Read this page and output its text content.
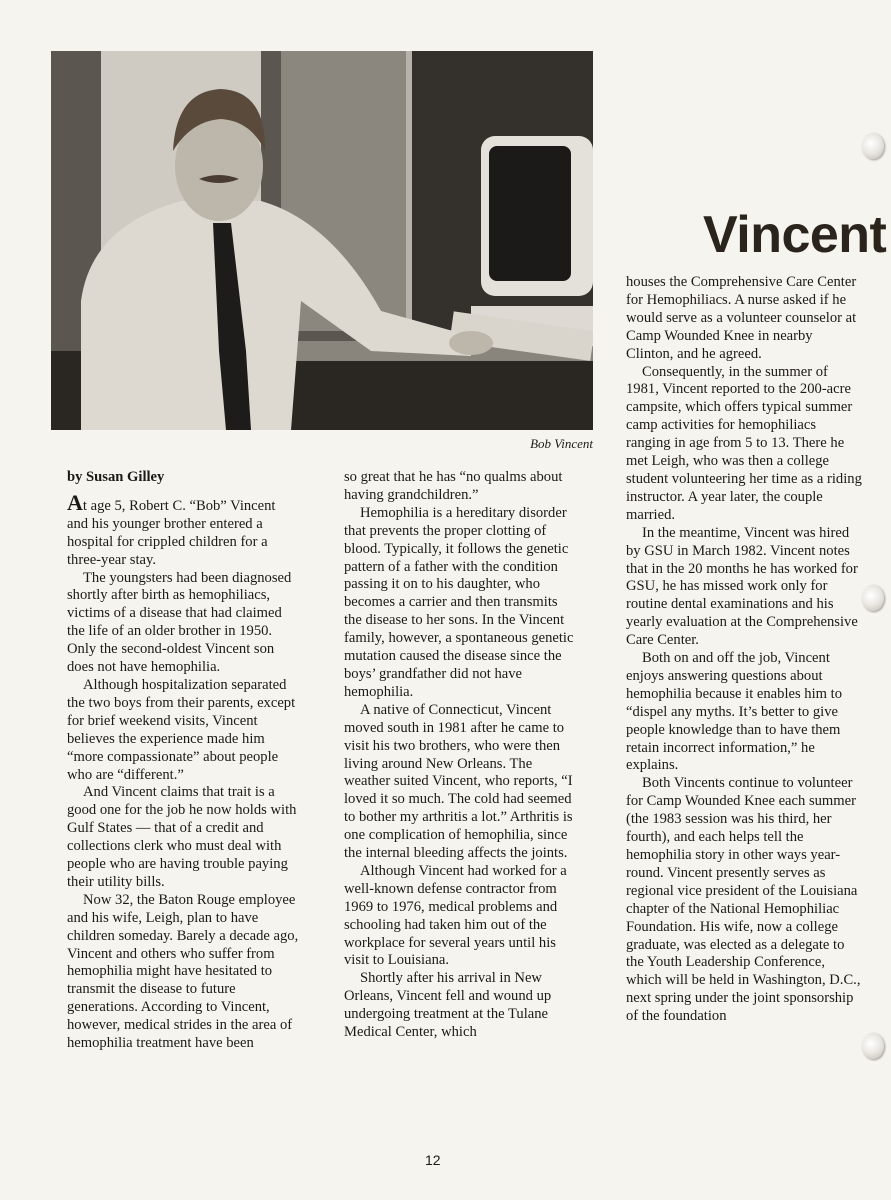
Bob Vincent
Vincent

by Susan Gilley

At age 5, Robert C. “Bob” Vincent and his younger brother entered a hospital for crippled children for a three-year stay.

The youngsters had been diagnosed shortly after birth as hemophiliacs, victims of a disease that had claimed the life of an older brother in 1950. Only the second-oldest Vincent son does not have hemophilia.

Although hospitalization separated the two boys from their parents, except for brief weekend visits, Vincent believes the experience made him “more compassionate” about people who are “different.”

And Vincent claims that trait is a good one for the job he now holds with Gulf States — that of a credit and collections clerk who must deal with people who are having trouble paying their utility bills.

Now 32, the Baton Rouge employee and his wife, Leigh, plan to have children someday. Barely a decade ago, Vincent and others who suffer from hemophilia might have hesitated to transmit the disease to future generations. According to Vincent, however, medical strides in the area of hemophilia treatment have been

so great that he has “no qualms about having grandchildren.”

Hemophilia is a hereditary disorder that prevents the proper clotting of blood. Typically, it follows the genetic pattern of a father with the condition passing it on to his daughter, who becomes a carrier and then transmits the disease to her sons. In the Vincent family, however, a spontaneous genetic mutation caused the disease since the boys’ grandfather did not have hemophilia.

A native of Connecticut, Vincent moved south in 1981 after he came to visit his two brothers, who were then living around New Orleans. The weather suited Vincent, who reports, “I loved it so much. The cold had seemed to bother my arthritis a lot.” Arthritis is one complication of hemophilia, since the internal bleeding affects the joints.

Although Vincent had worked for a well-known defense contractor from 1969 to 1976, medical problems and schooling had taken him out of the workplace for several years until his visit to Louisiana.

Shortly after his arrival in New Orleans, Vincent fell and wound up undergoing treatment at the Tulane Medical Center, which

houses the Comprehensive Care Center for Hemophiliacs. A nurse asked if he would serve as a volunteer counselor at Camp Wounded Knee in nearby Clinton, and he agreed.

Consequently, in the summer of 1981, Vincent reported to the 200-acre campsite, which offers typical summer camp activities for hemophiliacs ranging in age from 5 to 13. There he met Leigh, who was then a college student volunteering her time as a riding instructor. A year later, the couple married.

In the meantime, Vincent was hired by GSU in March 1982. Vincent notes that in the 20 months he has worked for GSU, he has missed work only for routine dental examinations and his yearly evaluation at the Comprehensive Care Center.

Both on and off the job, Vincent enjoys answering questions about hemophilia because it enables him to “dispel any myths. It’s better to give people knowledge than to have them retain incorrect information,” he explains.

Both Vincents continue to volunteer for Camp Wounded Knee each summer (the 1983 session was his third, her fourth), and each helps tell the hemophilia story in other ways year-round. Vincent presently serves as regional vice president of the Louisiana chapter of the National Hemophiliac Foundation. His wife, now a college graduate, was elected as a delegate to the Youth Leadership Conference, which will be held in Washington, D.C., next spring under the joint sponsorship of the foundation

12
